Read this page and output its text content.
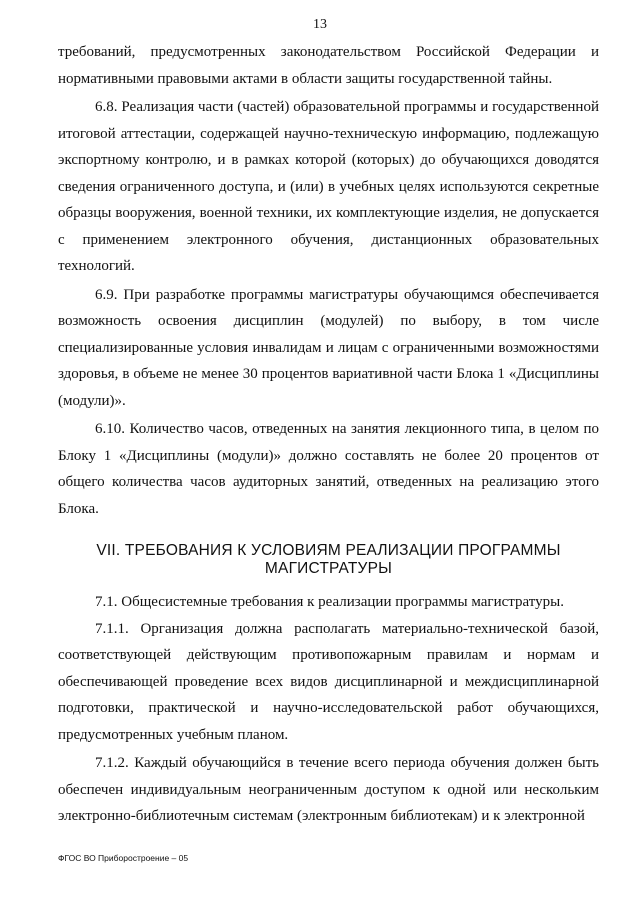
13

требований, предусмотренных законодательством Российской Федерации и нормативными правовыми актами в области защиты государственной тайны.

6.8. Реализация части (частей) образовательной программы и государственной итоговой аттестации, содержащей научно-техническую информацию, подлежащую экспортному контролю, и в рамках которой (которых) до обучающихся доводятся сведения ограниченного доступа, и (или) в учебных целях используются секретные образцы вооружения, военной техники, их комплектующие изделия, не допускается с применением электронного обучения, дистанционных образовательных технологий.

6.9. При разработке программы магистратуры обучающимся обеспечивается возможность освоения дисциплин (модулей) по выбору, в том числе специализированные условия инвалидам и лицам с ограниченными возможностями здоровья, в объеме не менее 30 процентов вариативной части Блока 1 «Дисциплины (модули)».

6.10. Количество часов, отведенных на занятия лекционного типа, в целом по Блоку 1 «Дисциплины (модули)» должно составлять не более 20 процентов от общего количества часов аудиторных занятий, отведенных на реализацию этого Блока.

VII. ТРЕБОВАНИЯ К УСЛОВИЯМ РЕАЛИЗАЦИИ ПРОГРАММЫ МАГИСТРАТУРЫ

7.1. Общесистемные требования к реализации программы магистратуры.

7.1.1. Организация должна располагать материально-технической базой, соответствующей действующим противопожарным правилам и нормам и обеспечивающей проведение всех видов дисциплинарной и междисциплинарной подготовки, практической и научно-исследовательской работ обучающихся, предусмотренных учебным планом.

7.1.2. Каждый обучающийся в течение всего периода обучения должен быть обеспечен индивидуальным неограниченным доступом к одной или нескольким электронно-библиотечным системам (электронным библиотекам) и к электронной

ФГОС ВО Приборостроение – 05
